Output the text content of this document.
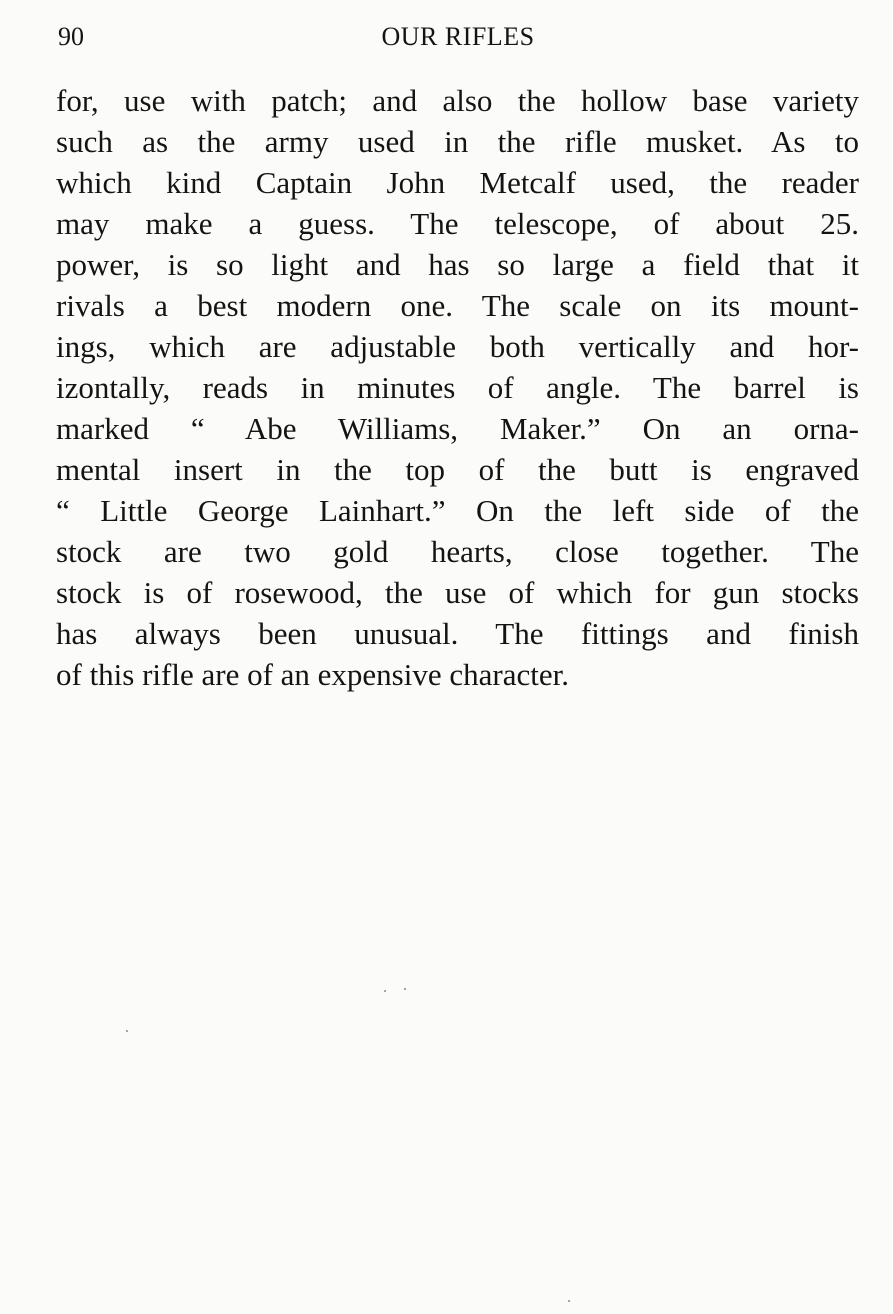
90	OUR RIFLES
for, use with patch; and also the hollow base variety
such as the army used in the rifle musket. As to
which kind Captain John Metcalf used, the reader
may make a guess. The telescope, of about 25.
power, is so light and has so large a field that it
rivals a best modern one. The scale on its mount-
ings, which are adjustable both vertically and hor-
izontally, reads in minutes of angle. The barrel is
marked “ Abe Williams, Maker.” On an orna-
mental insert in the top of the butt is engraved
“ Little George Lainhart.” On the left side of the
stock are two gold hearts, close together. The
stock is of rosewood, the use of which for gun stocks
has always been unusual. The fittings and finish
of this rifle are of an expensive character.
